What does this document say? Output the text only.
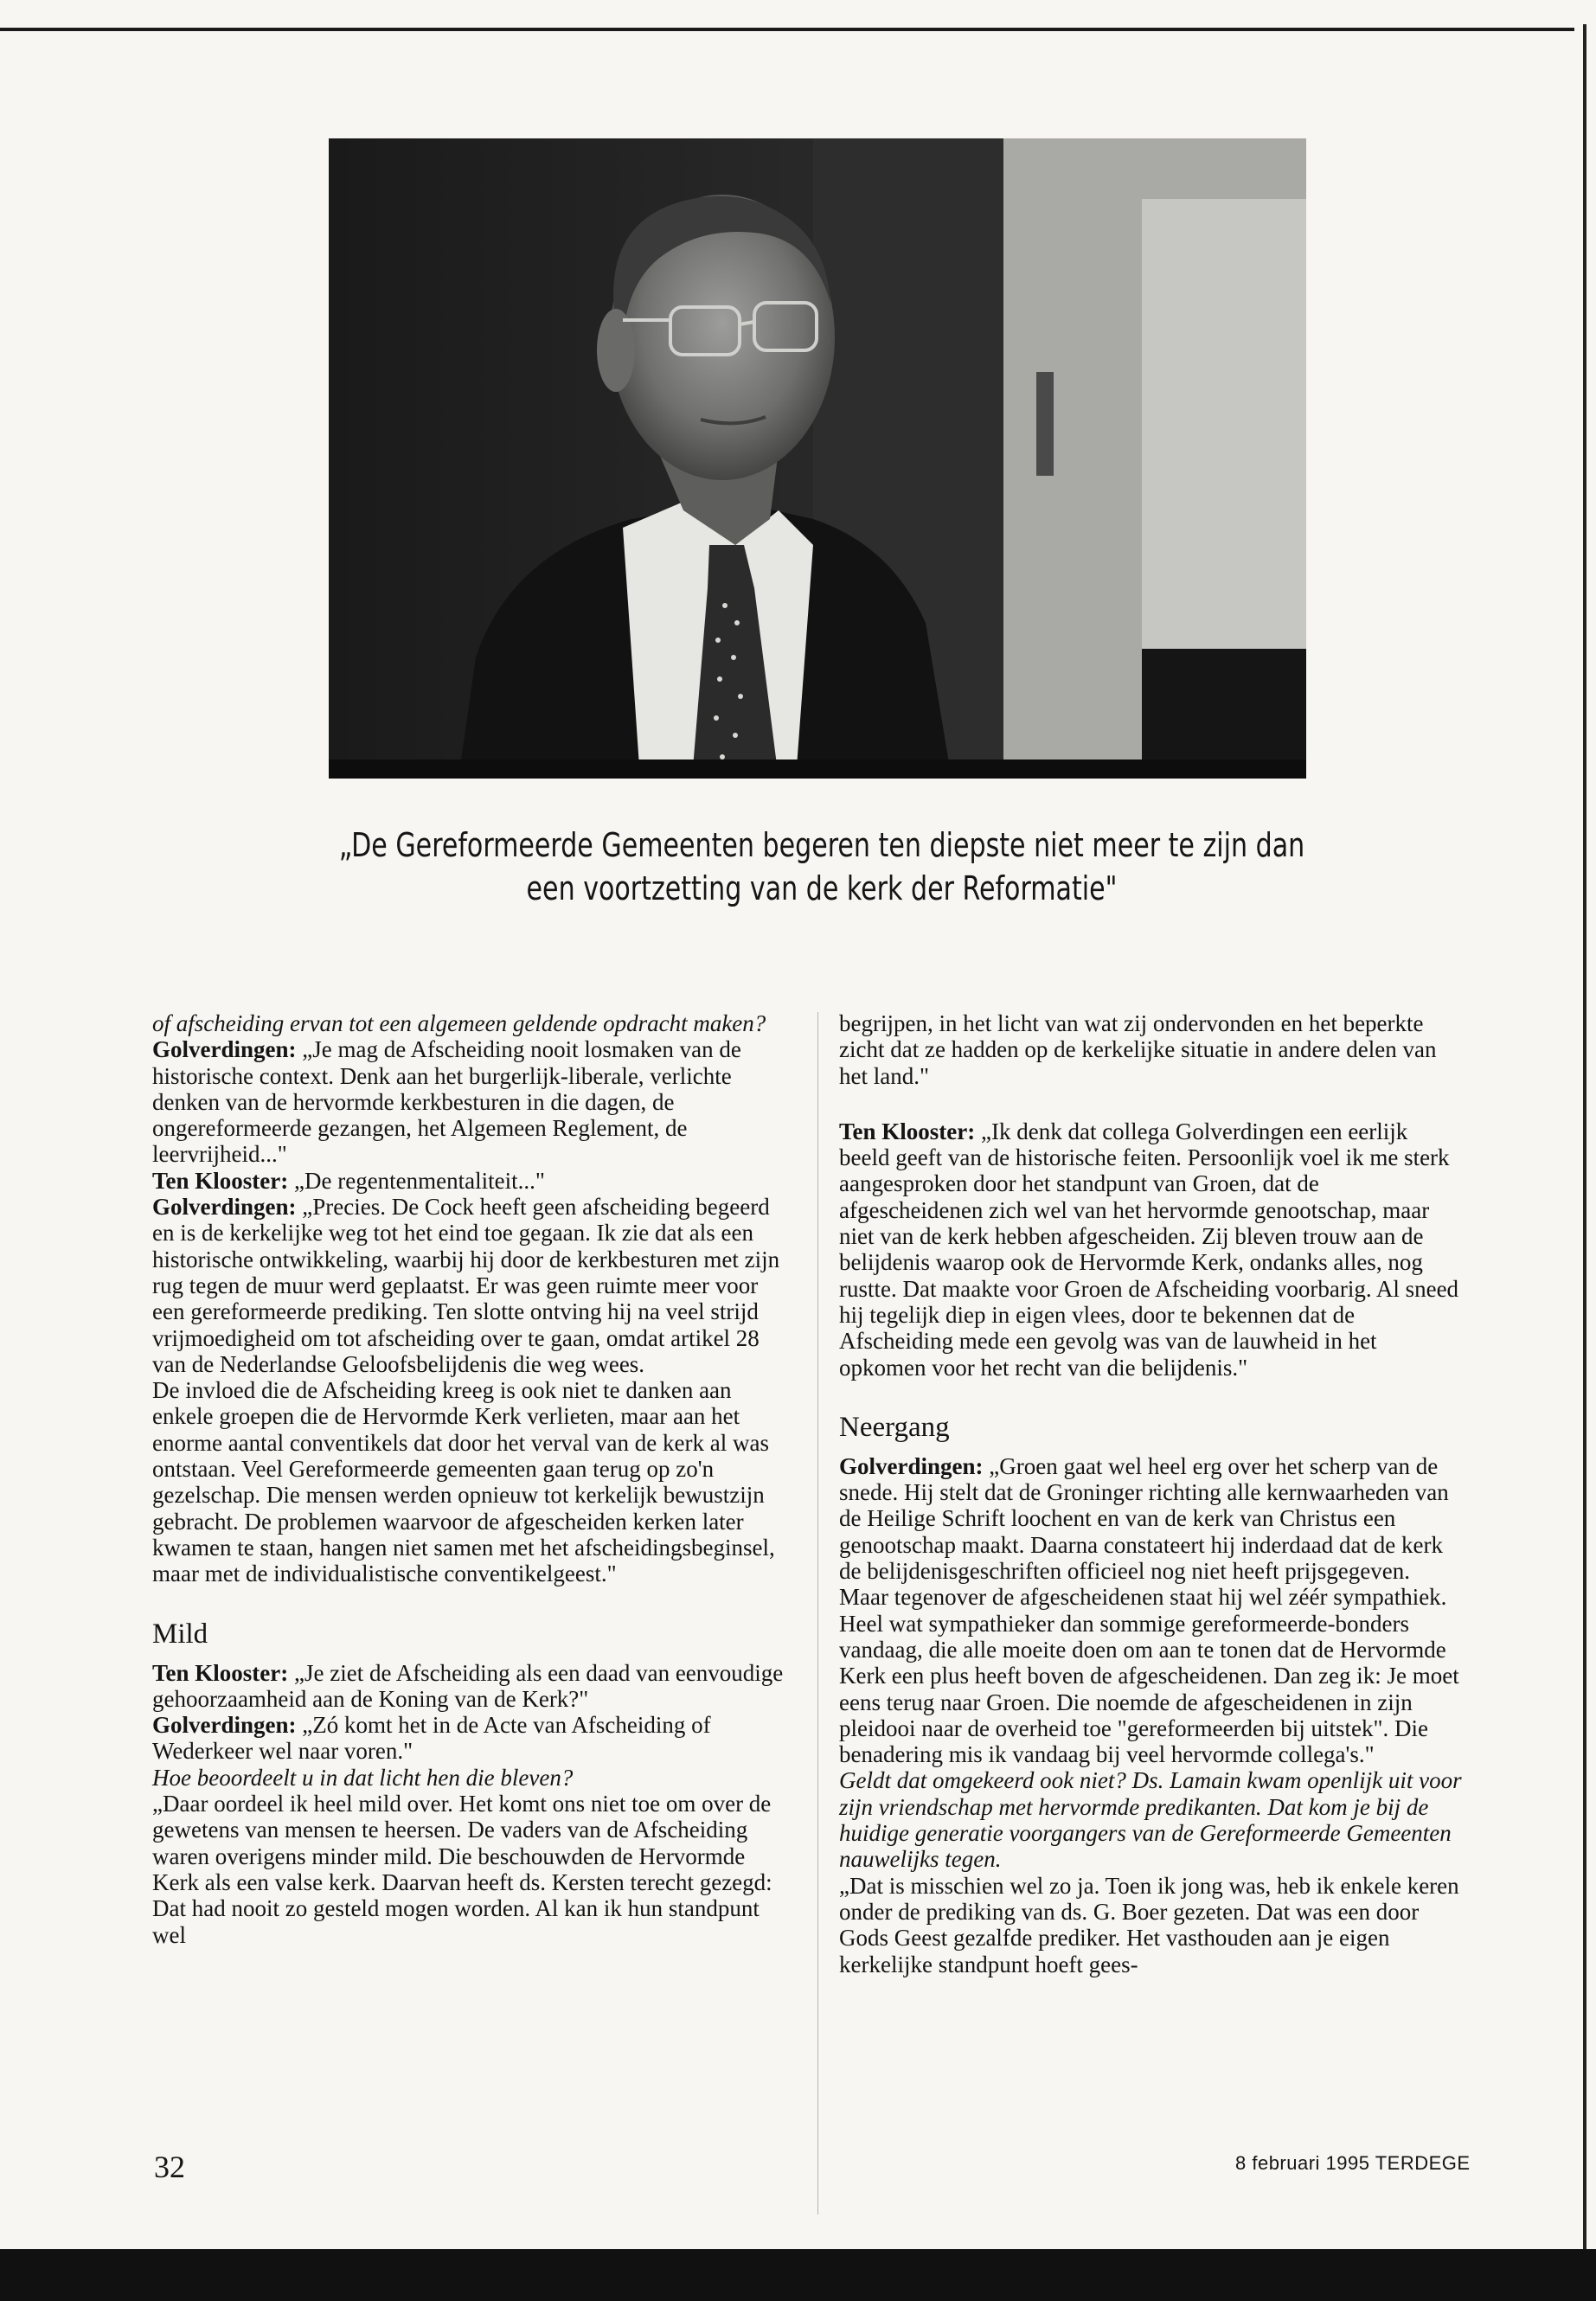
„De Gereformeerde Gemeenten begeren ten diepste niet meer te zijn dan een voortzetting van de kerk der Reformatie"

of afscheiding ervan tot een algemeen geldende opdracht maken?

Golverdingen: „Je mag de Afscheiding nooit losmaken van de historische context. Denk aan het burgerlijk-liberale, verlichte denken van de hervormde kerkbesturen in die dagen, de ongereformeerde gezangen, het Algemeen Reglement, de leervrijheid..."

Ten Klooster: „De regentenmentaliteit..."

Golverdingen: „Precies. De Cock heeft geen afscheiding begeerd en is de kerkelijke weg tot het eind toe gegaan. Ik zie dat als een historische ontwikkeling, waarbij hij door de kerkbesturen met zijn rug tegen de muur werd geplaatst. Er was geen ruimte meer voor een gereformeerde prediking. Ten slotte ontving hij na veel strijd vrijmoedigheid om tot afscheiding over te gaan, omdat artikel 28 van de Nederlandse Geloofsbelijdenis die weg wees.

De invloed die de Afscheiding kreeg is ook niet te danken aan enkele groepen die de Hervormde Kerk verlieten, maar aan het enorme aantal conventikels dat door het verval van de kerk al was ontstaan. Veel Gereformeerde gemeenten gaan terug op zo'n gezelschap. Die mensen werden opnieuw tot kerkelijk bewustzijn gebracht. De problemen waarvoor de afgescheiden kerken later kwamen te staan, hangen niet samen met het afscheidingsbeginsel, maar met de individualistische conventikelgeest."

Mild

Ten Klooster: „Je ziet de Afscheiding als een daad van eenvoudige gehoorzaamheid aan de Koning van de Kerk?"

Golverdingen: „Zó komt het in de Acte van Afscheiding of Wederkeer wel naar voren."

Hoe beoordeelt u in dat licht hen die bleven?

„Daar oordeel ik heel mild over. Het komt ons niet toe om over de gewetens van mensen te heersen. De vaders van de Afscheiding waren overigens minder mild. Die beschouwden de Hervormde Kerk als een valse kerk. Daarvan heeft ds. Kersten terecht gezegd: Dat had nooit zo gesteld mogen worden. Al kan ik hun standpunt wel

begrijpen, in het licht van wat zij ondervonden en het beperkte zicht dat ze hadden op de kerkelijke situatie in andere delen van het land."

Ten Klooster: „Ik denk dat collega Golverdingen een eerlijk beeld geeft van de historische feiten. Persoonlijk voel ik me sterk aangesproken door het standpunt van Groen, dat de afgescheidenen zich wel van het hervormde genootschap, maar niet van de kerk hebben afgescheiden. Zij bleven trouw aan de belijdenis waarop ook de Hervormde Kerk, ondanks alles, nog rustte. Dat maakte voor Groen de Afscheiding voorbarig. Al sneed hij tegelijk diep in eigen vlees, door te bekennen dat de Afscheiding mede een gevolg was van de lauwheid in het opkomen voor het recht van die belijdenis."

Neergang

Golverdingen: „Groen gaat wel heel erg over het scherp van de snede. Hij stelt dat de Groninger richting alle kernwaarheden van de Heilige Schrift loochent en van de kerk van Christus een genootschap maakt. Daarna constateert hij inderdaad dat de kerk de belijdenisgeschriften officieel nog niet heeft prijsgegeven. Maar tegenover de afgescheidenen staat hij wel zéér sympathiek. Heel wat sympathieker dan sommige gereformeerde-bonders vandaag, die alle moeite doen om aan te tonen dat de Hervormde Kerk een plus heeft boven de afgescheidenen. Dan zeg ik: Je moet eens terug naar Groen. Die noemde de afgescheidenen in zijn pleidooi naar de overheid toe "gereformeerden bij uitstek". Die benadering mis ik vandaag bij veel hervormde collega's."

Geldt dat omgekeerd ook niet? Ds. Lamain kwam openlijk uit voor zijn vriendschap met hervormde predikanten. Dat kom je bij de huidige generatie voorgangers van de Gereformeerde Gemeenten nauwelijks tegen.

„Dat is misschien wel zo ja. Toen ik jong was, heb ik enkele keren onder de prediking van ds. G. Boer gezeten. Dat was een door Gods Geest gezalfde prediker. Het vasthouden aan je eigen kerkelijke standpunt hoeft gees-

32	8 februari 1995 TERDEGE
